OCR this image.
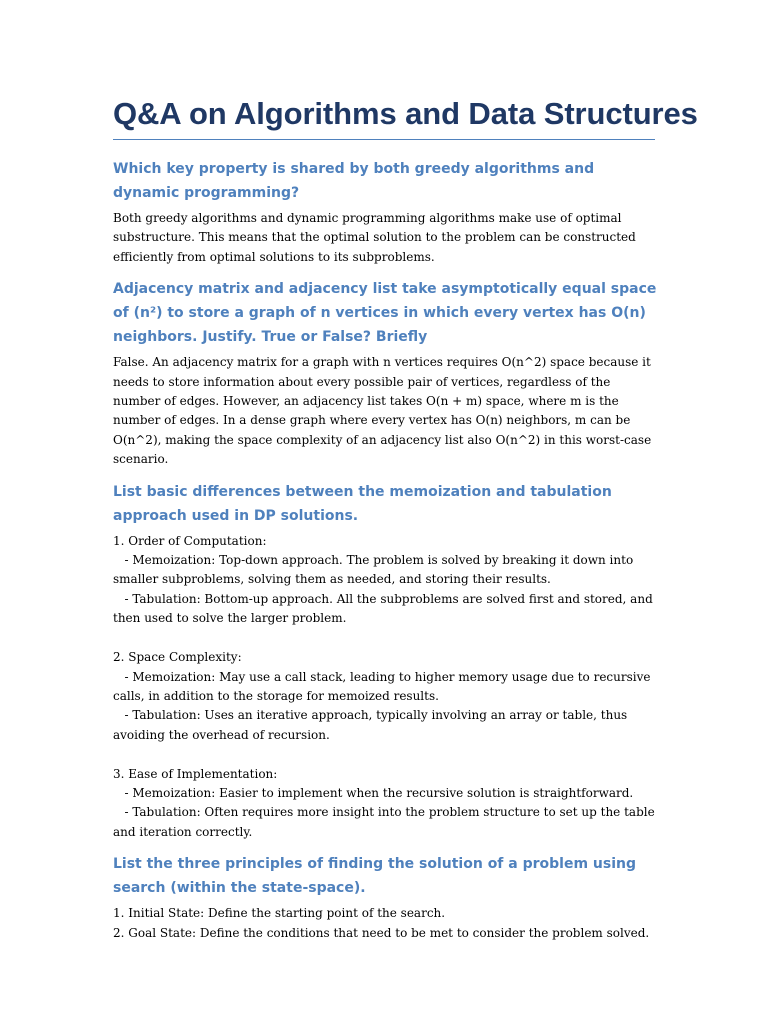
Q&A on Algorithms and Data Structures
Which key property is shared by both greedy algorithms and dynamic programming?
Both greedy algorithms and dynamic programming algorithms make use of optimal substructure. This means that the optimal solution to the problem can be constructed efficiently from optimal solutions to its subproblems.
Adjacency matrix and adjacency list take asymptotically equal space of (n²) to store a graph of n vertices in which every vertex has O(n) neighbors. Justify. True or False? Briefly
False. An adjacency matrix for a graph with n vertices requires O(n^2) space because it needs to store information about every possible pair of vertices, regardless of the number of edges. However, an adjacency list takes O(n + m) space, where m is the number of edges. In a dense graph where every vertex has O(n) neighbors, m can be O(n^2), making the space complexity of an adjacency list also O(n^2) in this worst-case scenario.
List basic differences between the memoization and tabulation approach used in DP solutions.
1. Order of Computation:
- Memoization: Top-down approach. The problem is solved by breaking it down into smaller subproblems, solving them as needed, and storing their results.
- Tabulation: Bottom-up approach. All the subproblems are solved first and stored, and then used to solve the larger problem.

2. Space Complexity:
- Memoization: May use a call stack, leading to higher memory usage due to recursive calls, in addition to the storage for memoized results.
- Tabulation: Uses an iterative approach, typically involving an array or table, thus avoiding the overhead of recursion.

3. Ease of Implementation:
- Memoization: Easier to implement when the recursive solution is straightforward.
- Tabulation: Often requires more insight into the problem structure to set up the table and iteration correctly.
List the three principles of finding the solution of a problem using search (within the state-space).
1. Initial State: Define the starting point of the search.
2. Goal State: Define the conditions that need to be met to consider the problem solved.
